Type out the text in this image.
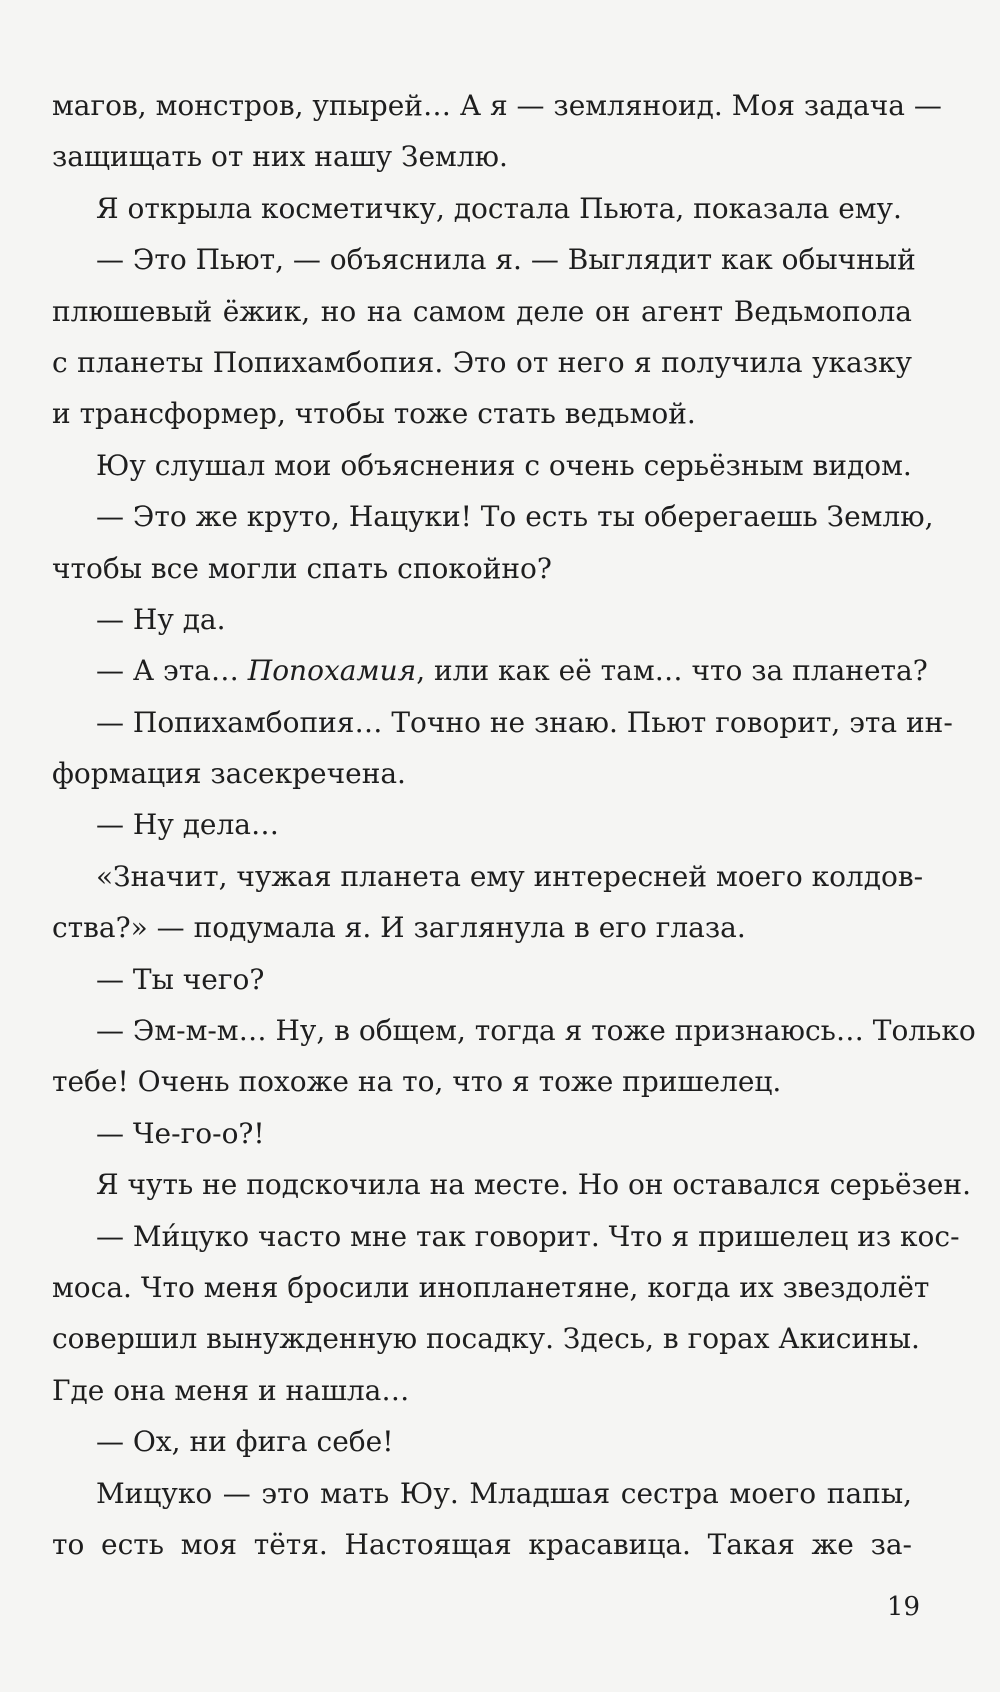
магов, монстров, упырей… А я — земляноид. Моя задача —
защищать от них нашу Землю.
Я открыла косметичку, достала Пьюта, показала ему.
— Это Пьют, — объяснила я. — Выглядит как обычный
плюшевый ёжик, но на самом деле он агент Ведьмопола
с планеты Попихамбопия. Это от него я получила указку
и трансформер, чтобы тоже стать ведьмой.
Юу слушал мои объяснения с очень серьёзным видом.
— Это же круто, Нацуки! То есть ты оберегаешь Землю,
чтобы все могли спать спокойно?
— Ну да.
— А эта… Попохамия, или как её там… что за планета?
— Попихамбопия… Точно не знаю. Пьют говорит, эта ин-
формация засекречена.
— Ну дела…
«Значит, чужая планета ему интересней моего колдов-
ства?» — подумала я. И заглянула в его глаза.
— Ты чего?
— Эм-м-м… Ну, в общем, тогда я тоже признаюсь… Только
тебе! Очень похоже на то, что я тоже пришелец.
— Че-го-о?!
Я чуть не подскочила на месте. Но он оставался серьёзен.
— Ми́цуко часто мне так говорит. Что я пришелец из кос-
моса. Что меня бросили инопланетяне, когда их звездолёт
совершил вынужденную посадку. Здесь, в горах Акисины.
Где она меня и нашла…
— Ох, ни фига себе!
Мицуко — это мать Юу. Младшая сестра моего папы,
то есть моя тётя. Настоящая красавица. Такая же за-
19
